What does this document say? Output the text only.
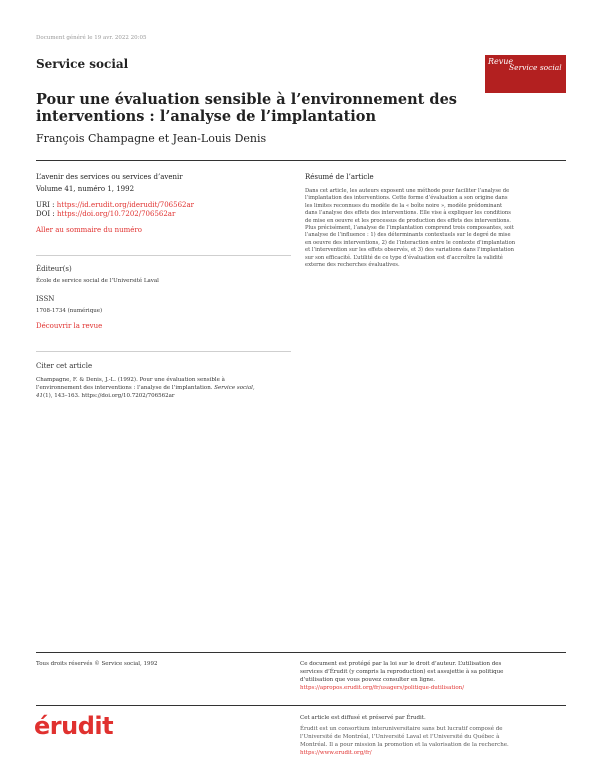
Document généré le 19 avr. 2022 20:05
Service social	Revue
Service social
Pour une évaluation sensible à l’environnement des
interventions : l’analyse de l’implantation
François Champagne et Jean-Louis Denis
L’avenir des services ou services d’avenir
Volume 41, numéro 1, 1992
URI : https://id.erudit.org/iderudit/706562ar
DOI : https://doi.org/10.7202/706562ar
Aller au sommaire du numéro
Éditeur(s)
École de service social de l’Université Laval
ISSN
1708-1734 (numérique)
Découvrir la revue
Citer cet article
Champagne, F. & Denis, J.-L. (1992). Pour une évaluation sensible à
l’environnement des interventions : l’analyse de l’implantation. Service social,
41(1), 143–163. https://doi.org/10.7202/706562ar
Résumé de l’article
Dans cet article, les auteurs exposent une méthode pour faciliter l’analyse de
l’implantation des interventions. Cette forme d’évaluation a son origine dans
les limites reconnues du modèle de la « boîte noire », modèle prédominant
dans l’analyse des effets des interventions. Elle vise à expliquer les conditions
de mise en oeuvre et les processus de production des effets des interventions.
Plus précisément, l’analyse de l’implantation comprend trois composantes, soit
l’analyse de l’influence : 1) des déterminants contextuels sur le degré de mise
en oeuvre des interventions, 2) de l’interaction entre le contexte d’implantation
et l’intervention sur les effets observés, et 3) des variations dans l’implantation
sur son efficacité. L’utilité de ce type d’évaluation est d’accroître la validité
externe des recherches évaluatives.
Tous droits réservés © Service social, 1992	Ce document est protégé par la loi sur le droit d’auteur. L’utilisation des
services d’Érudit (y compris la reproduction) est assujettie à sa politique
d’utilisation que vous pouvez consulter en ligne.
https://apropos.erudit.org/fr/usagers/politique-dutilisation/
érudit	Cet article est diffusé et préservé par Érudit.
Érudit est un consortium interuniversitaire sans but lucratif composé de
l’Université de Montréal, l’Université Laval et l’Université du Québec à
Montréal. Il a pour mission la promotion et la valorisation de la recherche.
https://www.erudit.org/fr/
